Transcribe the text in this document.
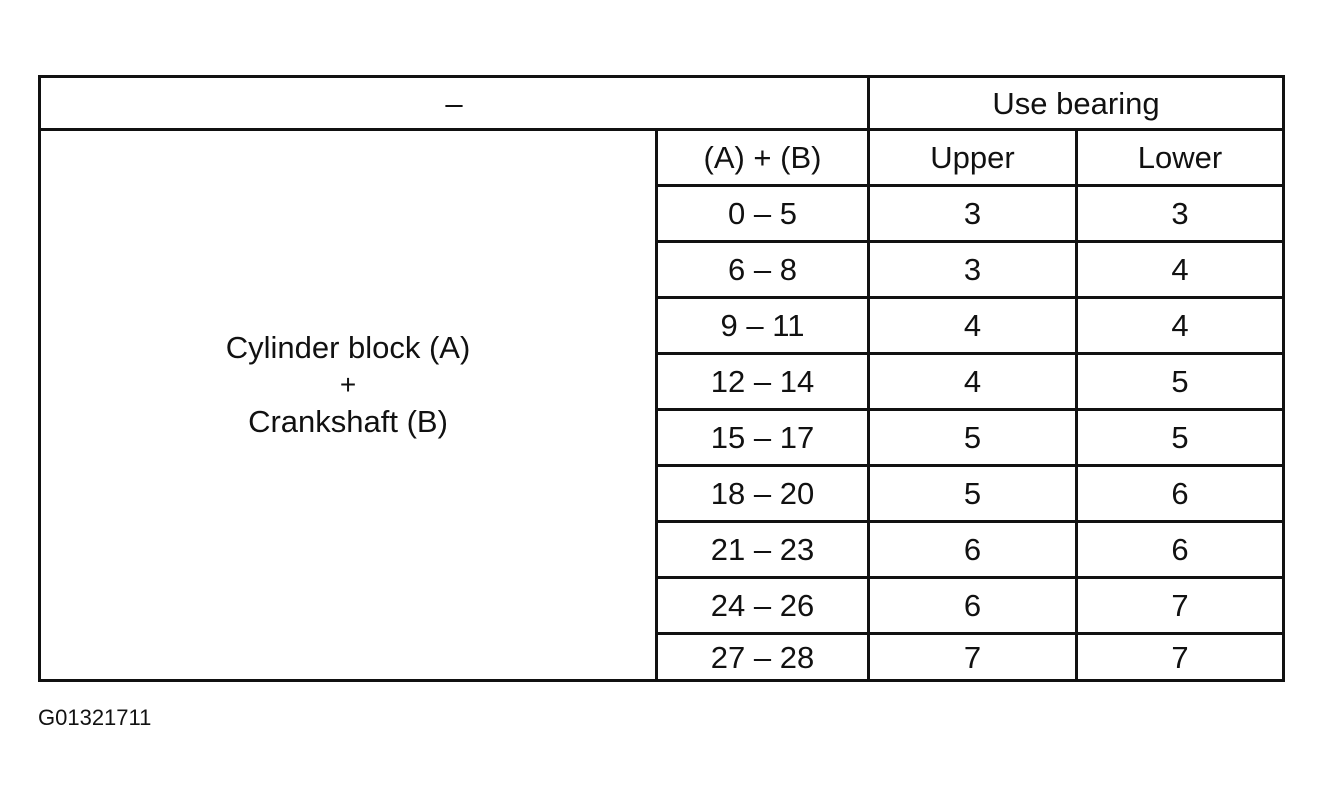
–		Use bearing	

Cylinder block (A)
+
Crankshaft (B)	(A) + (B)	Upper	Lower
	0 – 5	3	3
	6 – 8	3	4
	9 – 11	4	4
	12 – 14	4	5
	15 – 17	5	5
	18 – 20	5	6
	21 – 23	6	6
	24 – 26	6	7
	27 – 28	7	7
G01321711
